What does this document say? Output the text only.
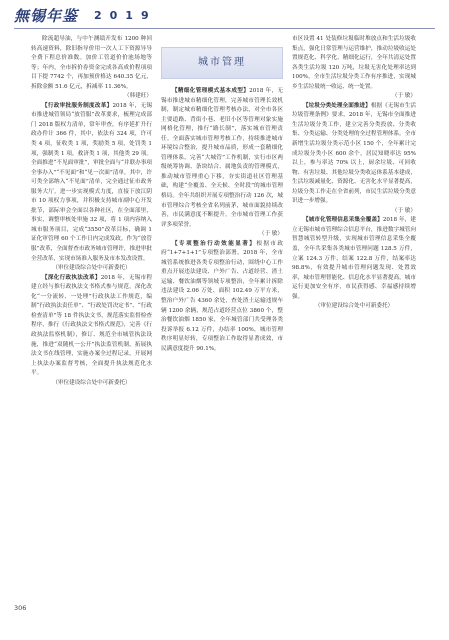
無锡年鉴 2019

除流超导油，与中午测绩开发布 1200 种回转高速资料，除旧指导价用一次人工下资源导导全费下程总价准数。加价工管道价价池场地等等；年内，全市拆价券资金完成各高成价程项项目下提 7742 个，再加预价格达 640.35 亿元，拆除金额 51.6 亿元，拆减率 11.36%。

（韩建旺）

【行政审批服务制度改革】2018 年，无锡市推进城管领局“放管服”改革要求，梳理完成部门 2018 版权力清单，常年审查，有序延扩升行政办件计 366 件，其中，依法有 324 项，许可类 4 项，征收类 1 项，奖励类 5 项，处罚类 1 项，强制类 1 项，救济类 1 项，其他类 29 项。全面推进“不见面审批”，审批全面与“并联办事项全事办入”“不见面”和“见一次面”清单，其中，许可类全部纳入“不见面”清单，完全通过征市政务服务大厅，进一步实现模式力度，直接下放江阴市 10 项权力事项，并积极支持城市副中心开发批节，部际审会全面以各种社区，在全面部里，事实，调整审核处审施 32 项，将 1 项内容纳入城市服务项目，完成“3550”改革目标，确调 1 证化审管理 60 个工作日内完成发政。作为“放管服”改革，全面督查市政务城市管理许，推进审批全营改革，实现市场准入服务及市本发改设置。

（审位建设综合处中可新委托）

【深化行政执法改革】2018 年，无锡市程建立经与推行政执法文书格式参与规范，深化改化“一分流转、一处理”行政执法工作规范，编制“行政执法责任单”、“行政处罚决定书”、“行政检查清单”等 18 件执法文书，规范落实监督检查程序，推行《行政执法文书格式规范》，完善《行政执法监察机制》，修订、规范全市城管执法设施，推进“双随机一公开”执法监管机制，拓展执法文书在线管理，实施办案全过程记录，开展网上执法办案监督考核，全面提升执法规范化水平。

（审位建设综合处中可新委托）

城市管理

【精细化管理模式基本成型】2018 年，无锡市推进城市精细化管理，完善城市管理长效机制，制定城市精细化管理考核办法，对全市各区主要道路、背街小巷、老旧小区等管理对象实施网格化管理，推行“路长制”，落实城市管理责任。全面落实城市管理考核工作，持续推进城市环境综合整治，提升城市品质，形成一套精细化管理体系。完善“大城管”工作机制，实行市区两级统筹协调、条块结合、属地负责的管理模式，推动城市管理重心下移，夯实街道社区管理基础，构建“全覆盖、全天候、全时段”的城市管理格局。全年共组织开展专项整治行动 126 次，城市管理综合考核全省名列前茅，城市面貌持续改善，市民满意度不断提升。全市城市管理工作获评多项荣誉。

（于 敏）

【专项整治行动效能显著】根据市政府“1+7+1+1”专项整治部署，2018 年，全市城管系统推进各类专项整治行动，围绕中心工作重点开展违法建设、户外广告、占道经营、渣土运输、餐饮油烟等领域专项整治，全年累计拆除违法建设 2.06 万处、面积 102.49 万平方米，整治户外广告 4360 余处，查处渣土运输违规车辆 1200 余辆，规范占道经营点位 3860 个，整治餐饮油烟 1850 家，全年城管部门共受理各类投诉举报 6.12 万件，办结率 100%，城市管理秩序明显好转，专项整治工作取得显著成效，市民满意度提升 90.1%。

市区设置 41 处装修垃圾临时堆放点和生活垃圾收集点，强化日常管理与运营维护，推动垃圾收运处置规范化、科学化、精细化运行，全年共清运处置各类生活垃圾 120 万吨，垃圾无害化处理率达到 100%，全市生活垃圾分类工作有序推进，实现城乡生活垃圾统一收运、统一处置。

（于 敏）

【垃圾分类处理全面推进】根据《无锡市生活垃圾管理条例》要求，2018 年，无锡市全面推进生活垃圾分类工作，建立完善分类投放、分类收集、分类运输、分类处理的全过程管理体系。全市新增生活垃圾分类示范小区 150 个，全年累计完成垃圾分类小区 600 余个，居民知晓率达 95% 以上，参与率达 70% 以上，厨余垃圾、可回收物、有害垃圾、其他垃圾分类收运体系基本建成，生活垃圾减量化、资源化、无害化水平显著提高，垃圾分类工作走在全省前列，市民生活垃圾分类意识进一步增强。

（于 敏）

【城市化管理信息采集全覆盖】2018 年，建立无锡市城市管理综合信息平台，推进数字城管向智慧城管转型升级，实现城市管理信息采集全覆盖，全年共采集各类城市管理问题 128.5 万件，立案 124.3 万件，结案 122.8 万件，结案率达 98.8%，有效提升城市管理问题发现、处置效率，城市管理智能化、信息化水平显著提高，城市运行更加安全有序，市民获得感、幸福感持续增强。

（审位建设综合处中可新委托）

306
